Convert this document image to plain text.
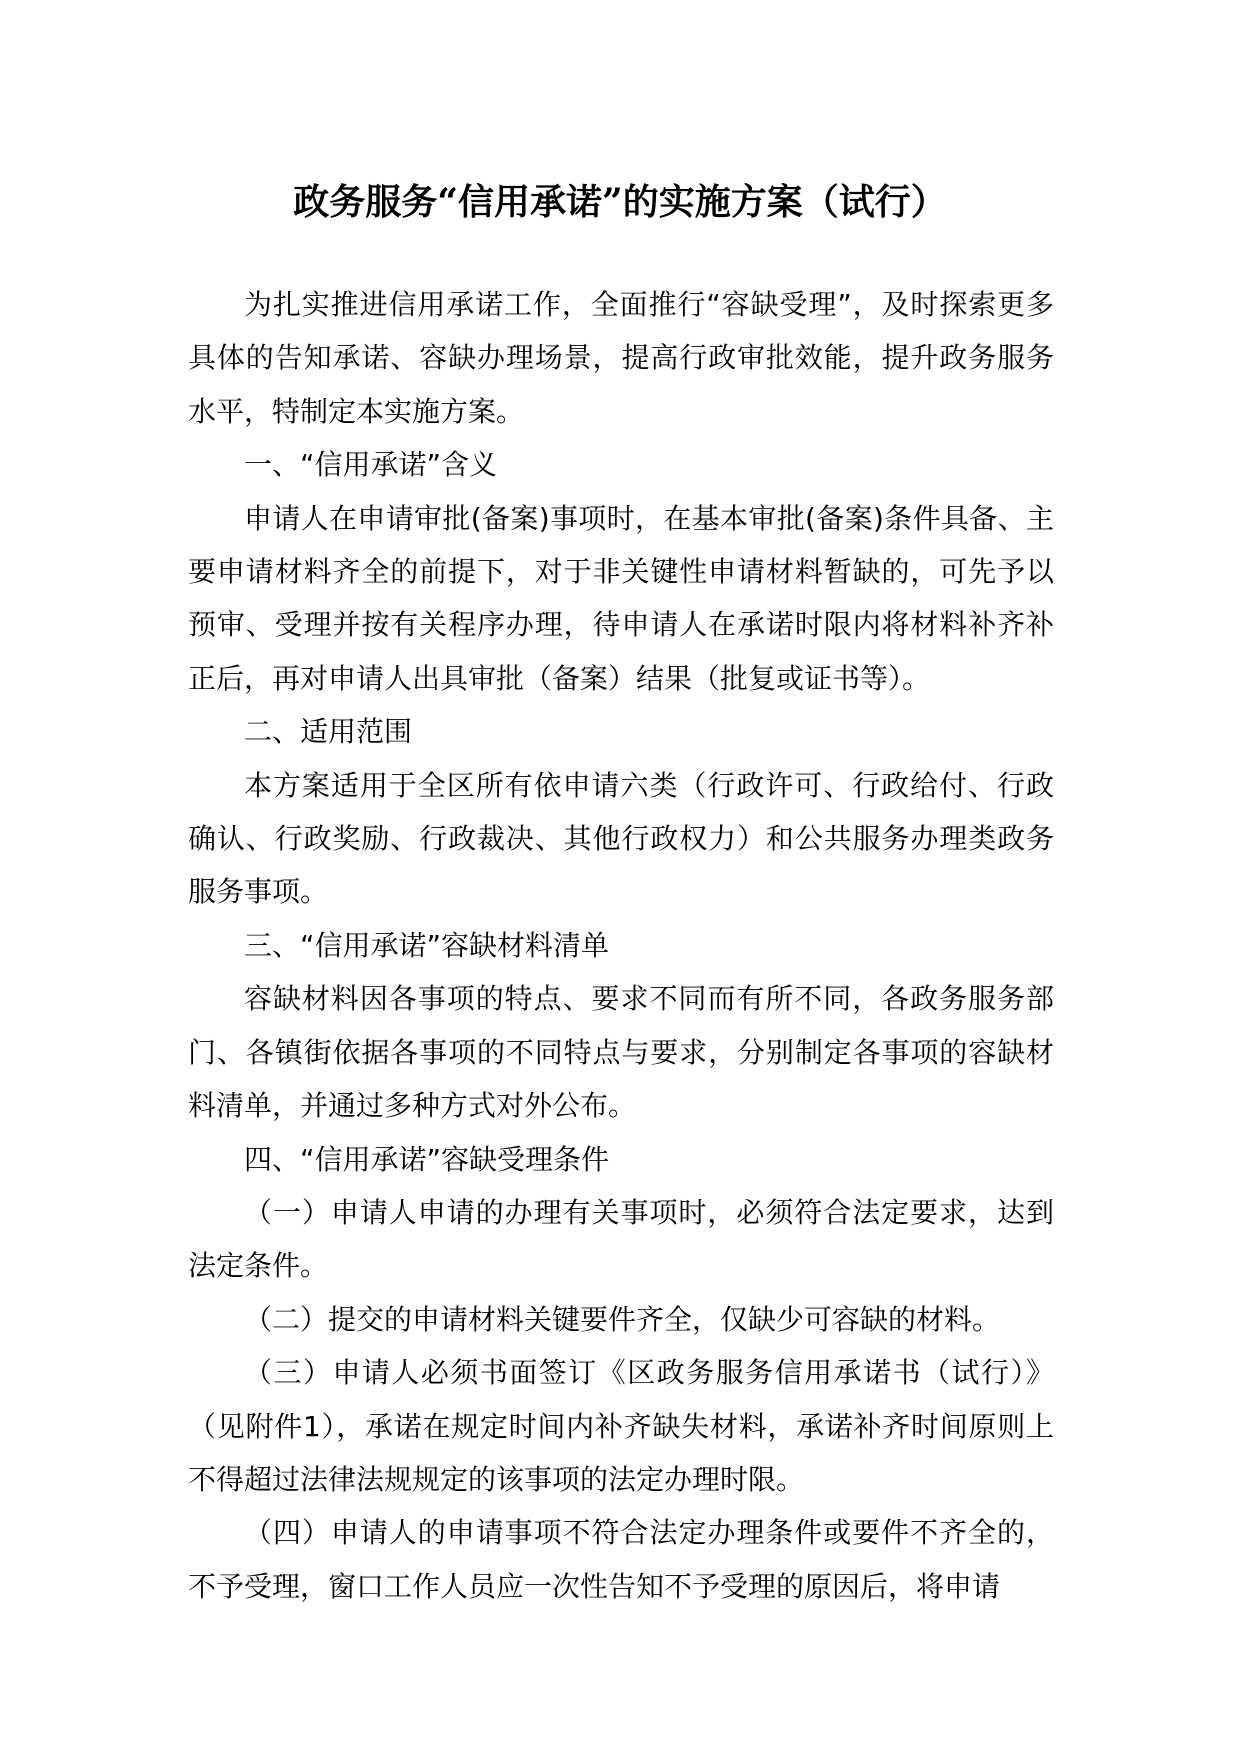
政务服务“信用承诺”的实施方案（试行）

为扎实推进信用承诺工作，全面推行“容缺受理”，及时探索更多具体的告知承诺、容缺办理场景，提高行政审批效能，提升政务服务水平，特制定本实施方案。

一、“信用承诺”含义

申请人在申请审批(备案)事项时，在基本审批(备案)条件具备、主要申请材料齐全的前提下，对于非关键性申请材料暂缺的，可先予以预审、受理并按有关程序办理，待申请人在承诺时限内将材料补齐补正后，再对申请人出具审批（备案）结果（批复或证书等）。

二、适用范围

本方案适用于全区所有依申请六类（行政许可、行政给付、行政确认、行政奖励、行政裁决、其他行政权力）和公共服务办理类政务服务事项。

三、“信用承诺”容缺材料清单

容缺材料因各事项的特点、要求不同而有所不同，各政务服务部门、各镇街依据各事项的不同特点与要求，分别制定各事项的容缺材料清单，并通过多种方式对外公布。

四、“信用承诺”容缺受理条件

（一）申请人申请的办理有关事项时，必须符合法定要求，达到法定条件。

（二）提交的申请材料关键要件齐全，仅缺少可容缺的材料。

（三）申请人必须书面签订《区政务服务信用承诺书（试行）》（见附件1），承诺在规定时间内补齐缺失材料，承诺补齐时间原则上不得超过法律法规规定的该事项的法定办理时限。

（四）申请人的申请事项不符合法定办理条件或要件不齐全的，不予受理，窗口工作人员应一次性告知不予受理的原因后，将申请
